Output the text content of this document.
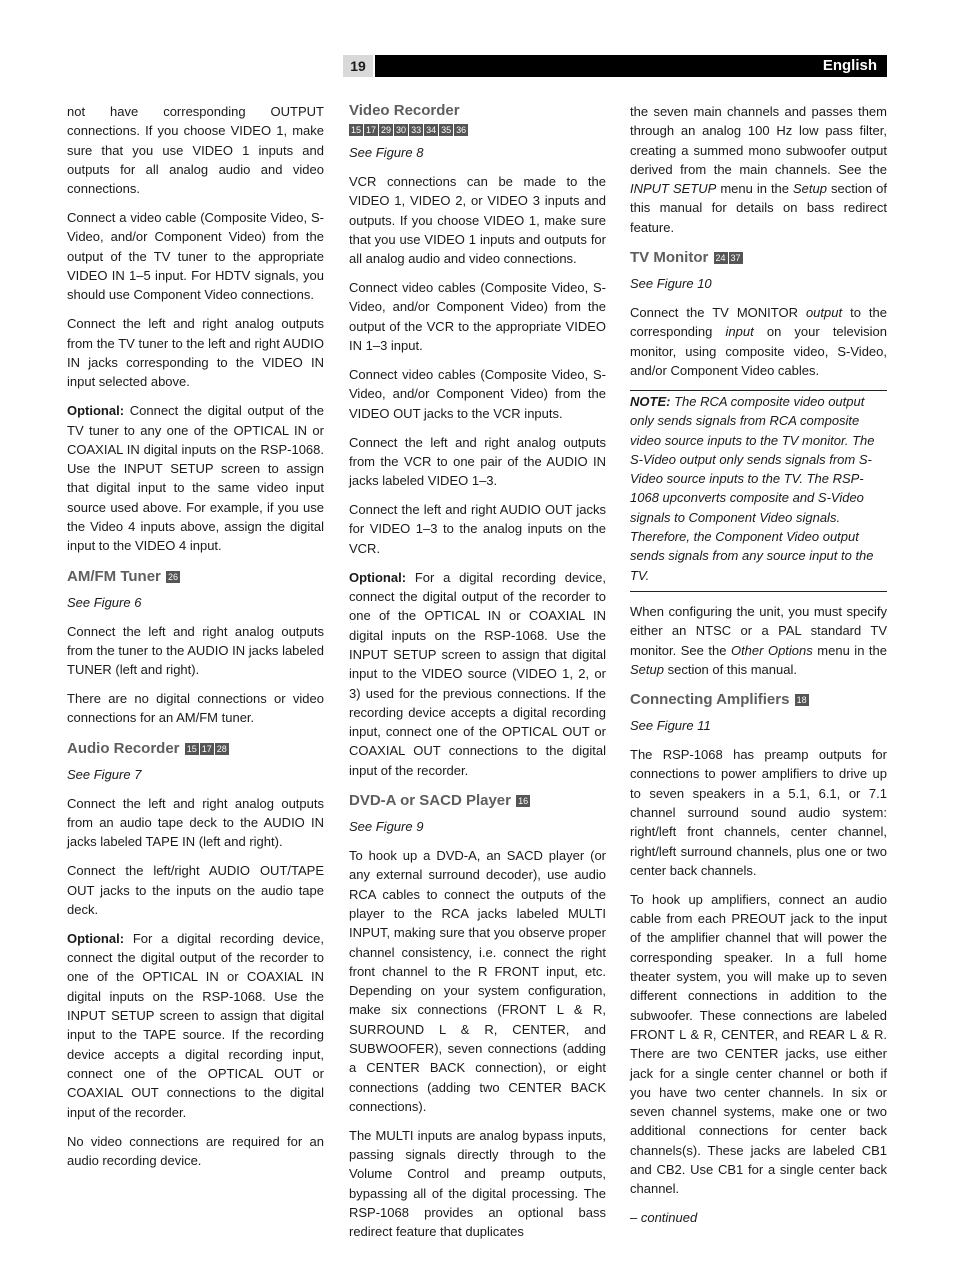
19	English

not have corresponding OUTPUT connections. If you choose VIDEO 1, make sure that you use VIDEO 1 inputs and outputs for all analog audio and video connections.

Connect a video cable (Composite Video, S-Video, and/or Component Video) from the output of the TV tuner to the appropriate VIDEO IN 1–5 input. For HDTV signals, you should use Component Video connections.

Connect the left and right analog outputs from the TV tuner to the left and right AUDIO IN jacks corresponding to the VIDEO IN input selected above.

Optional: Connect the digital output of the TV tuner to any one of the OPTICAL IN or COAXIAL IN digital inputs on the RSP-1068. Use the INPUT SETUP screen to assign that digital input to the same video input source used above. For example, if you use the Video 4 inputs above, assign the digital input to the VIDEO 4 input.

AM/FM Tuner 26

See Figure 6

Connect the left and right analog outputs from the tuner to the AUDIO IN jacks labeled TUNER (left and right).

There are no digital connections or video connections for an AM/FM tuner.

Audio Recorder 15 17 28

See Figure 7

Connect the left and right analog outputs from an audio tape deck to the AUDIO IN jacks labeled TAPE IN (left and right).

Connect the left/right AUDIO OUT/TAPE OUT jacks to the inputs on the audio tape deck.

Optional: For a digital recording device, connect the digital output of the recorder to one of the OPTICAL IN or COAXIAL IN digital inputs on the RSP-1068. Use the INPUT SETUP screen to assign that digital input to the TAPE source. If the recording device accepts a digital recording input, connect one of the OPTICAL OUT or COAXIAL OUT connections to the digital input of the recorder.

No video connections are required for an audio recording device.

Video Recorder
15 17 29 30 33 34 35 36

See Figure 8

VCR connections can be made to the VIDEO 1, VIDEO 2, or VIDEO 3 inputs and outputs. If you choose VIDEO 1, make sure that you use VIDEO 1 inputs and outputs for all analog audio and video connections.

Connect video cables (Composite Video, S-Video, and/or Component Video) from the output of the VCR to the appropriate VIDEO IN 1–3 input.

Connect video cables (Composite Video, S-Video, and/or Component Video) from the VIDEO OUT jacks to the VCR inputs.

Connect the left and right analog outputs from the VCR to one pair of the AUDIO IN jacks labeled VIDEO 1–3.

Connect the left and right AUDIO OUT jacks for VIDEO 1–3 to the analog inputs on the VCR.

Optional: For a digital recording device, connect the digital output of the recorder to one of the OPTICAL IN or COAXIAL IN digital inputs on the RSP-1068. Use the INPUT SETUP screen to assign that digital input to the VIDEO source (VIDEO 1, 2, or 3) used for the previous connections. If the recording device accepts a digital recording input, connect one of the OPTICAL OUT or COAXIAL OUT connections to the digital input of the recorder.

DVD-A or SACD Player 16

See Figure 9

To hook up a DVD-A, an SACD player (or any external surround decoder), use audio RCA cables to connect the outputs of the player to the RCA jacks labeled MULTI INPUT, making sure that you observe proper channel consistency, i.e. connect the right front channel to the R FRONT input, etc. Depending on your system configuration, make six connections (FRONT L & R, SURROUND L & R, CENTER, and SUBWOOFER), seven connections (adding a CENTER BACK connection), or eight connections (adding two CENTER BACK connections).

The MULTI inputs are analog bypass inputs, passing signals directly through to the Volume Control and preamp outputs, bypassing all of the digital processing. The RSP-1068 provides an optional bass redirect feature that duplicates

the seven main channels and passes them through an analog 100 Hz low pass filter, creating a summed mono subwoofer output derived from the main channels. See the INPUT SETUP menu in the Setup section of this manual for details on bass redirect feature.

TV Monitor 24 37

See Figure 10

Connect the TV MONITOR output to the corresponding input on your television monitor, using composite video, S-Video, and/or Component Video cables.

NOTE: The RCA composite video output only sends signals from RCA composite video source inputs to the TV monitor. The S-Video output only sends signals from S-Video source inputs to the TV. The RSP-1068 upconverts composite and S-Video signals to Component Video signals. Therefore, the Component Video output sends signals from any source input to the TV.

When configuring the unit, you must specify either an NTSC or a PAL standard TV monitor. See the Other Options menu in the Setup section of this manual.

Connecting Amplifiers 18

See Figure 11

The RSP-1068 has preamp outputs for connections to power amplifiers to drive up to seven speakers in a 5.1, 6.1, or 7.1 channel surround sound audio system: right/left front channels, center channel, right/left surround channels, plus one or two center back channels.

To hook up amplifiers, connect an audio cable from each PREOUT jack to the input of the amplifier channel that will power the corresponding speaker. In a full home theater system, you will make up to seven different connections in addition to the subwoofer. These connections are labeled FRONT L & R, CENTER, and REAR L & R. There are two CENTER jacks, use either jack for a single center channel or both if you have two center channels. In six or seven channel systems, make one or two additional connections for center back channels(s). These jacks are labeled CB1 and CB2. Use CB1 for a single center back channel.

– continued
